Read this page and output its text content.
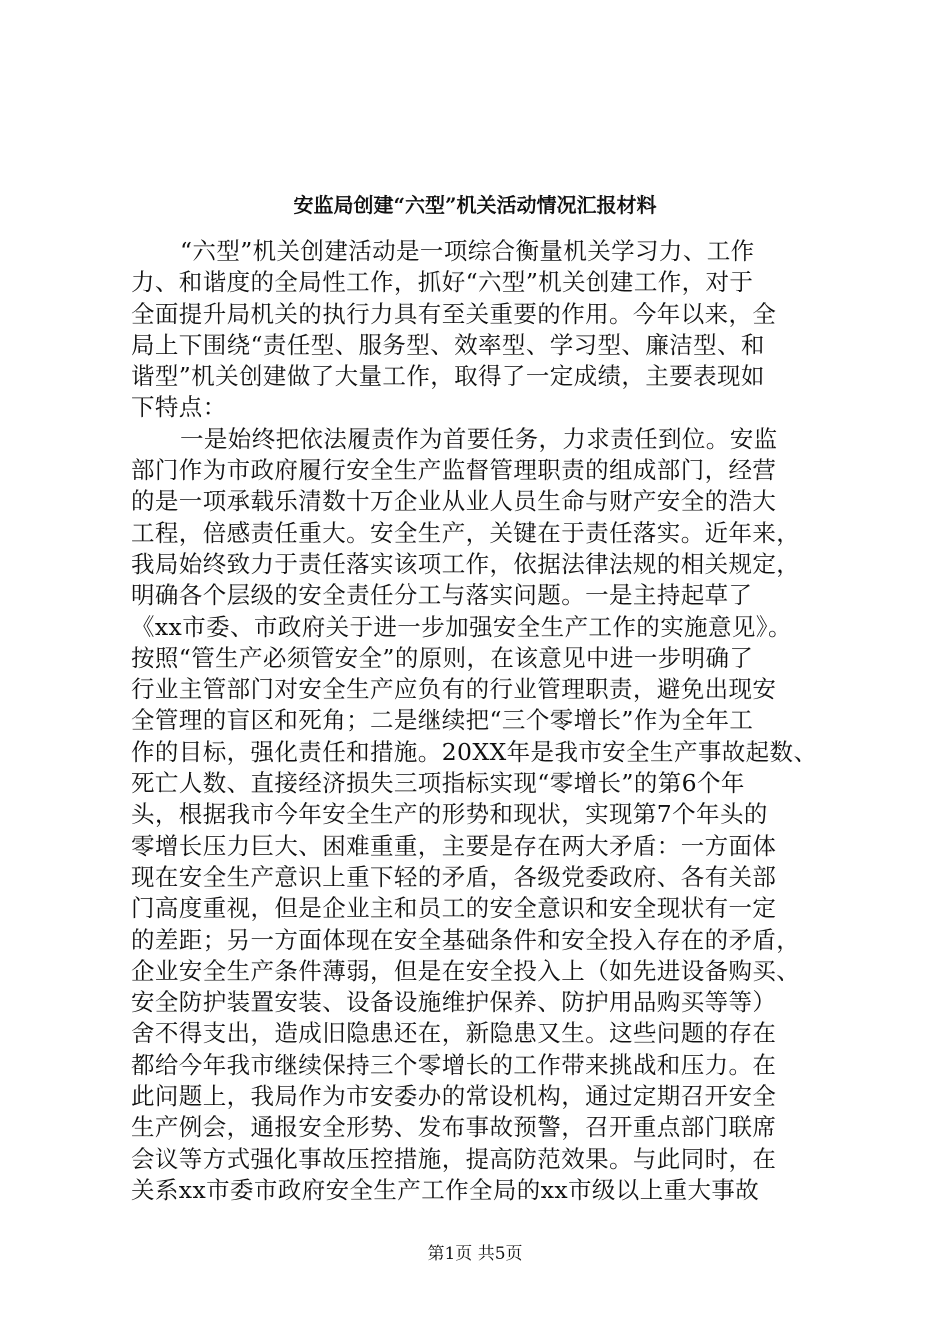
安监局创建“六型”机关活动情况汇报材料
“六型”机关创建活动是一项综合衡量机关学习力、工作
力、和谐度的全局性工作，抓好“六型”机关创建工作，对于
全面提升局机关的执行力具有至关重要的作用。今年以来，全
局上下围绕“责任型、服务型、效率型、学习型、廉洁型、和
谐型”机关创建做了大量工作，取得了一定成绩，主要表现如
下特点：
一是始终把依法履责作为首要任务，力求责任到位。安监
部门作为市政府履行安全生产监督管理职责的组成部门，经营
的是一项承载乐清数十万企业从业人员生命与财产安全的浩大
工程，倍感责任重大。安全生产，关键在于责任落实。近年来，
我局始终致力于责任落实该项工作，依据法律法规的相关规定，
明确各个层级的安全责任分工与落实问题。一是主持起草了
《xx市委、市政府关于进一步加强安全生产工作的实施意见》。
按照“管生产必须管安全”的原则，在该意见中进一步明确了
行业主管部门对安全生产应负有的行业管理职责，避免出现安
全管理的盲区和死角；二是继续把“三个零增长”作为全年工
作的目标，强化责任和措施。20XX年是我市安全生产事故起数、
死亡人数、直接经济损失三项指标实现“零增长”的第6个年
头，根据我市今年安全生产的形势和现状，实现第7个年头的
零增长压力巨大、困难重重，主要是存在两大矛盾：一方面体
现在安全生产意识上重下轻的矛盾，各级党委政府、各有关部
门高度重视，但是企业主和员工的安全意识和安全现状有一定
的差距；另一方面体现在安全基础条件和安全投入存在的矛盾，
企业安全生产条件薄弱，但是在安全投入上（如先进设备购买、
安全防护装置安装、设备设施维护保养、防护用品购买等等）
舍不得支出，造成旧隐患还在，新隐患又生。这些问题的存在
都给今年我市继续保持三个零增长的工作带来挑战和压力。在
此问题上，我局作为市安委办的常设机构，通过定期召开安全
生产例会，通报安全形势、发布事故预警，召开重点部门联席
会议等方式强化事故压控措施，提高防范效果。与此同时，在
关系xx市委市政府安全生产工作全局的xx市级以上重大事故
第1页 共5页
